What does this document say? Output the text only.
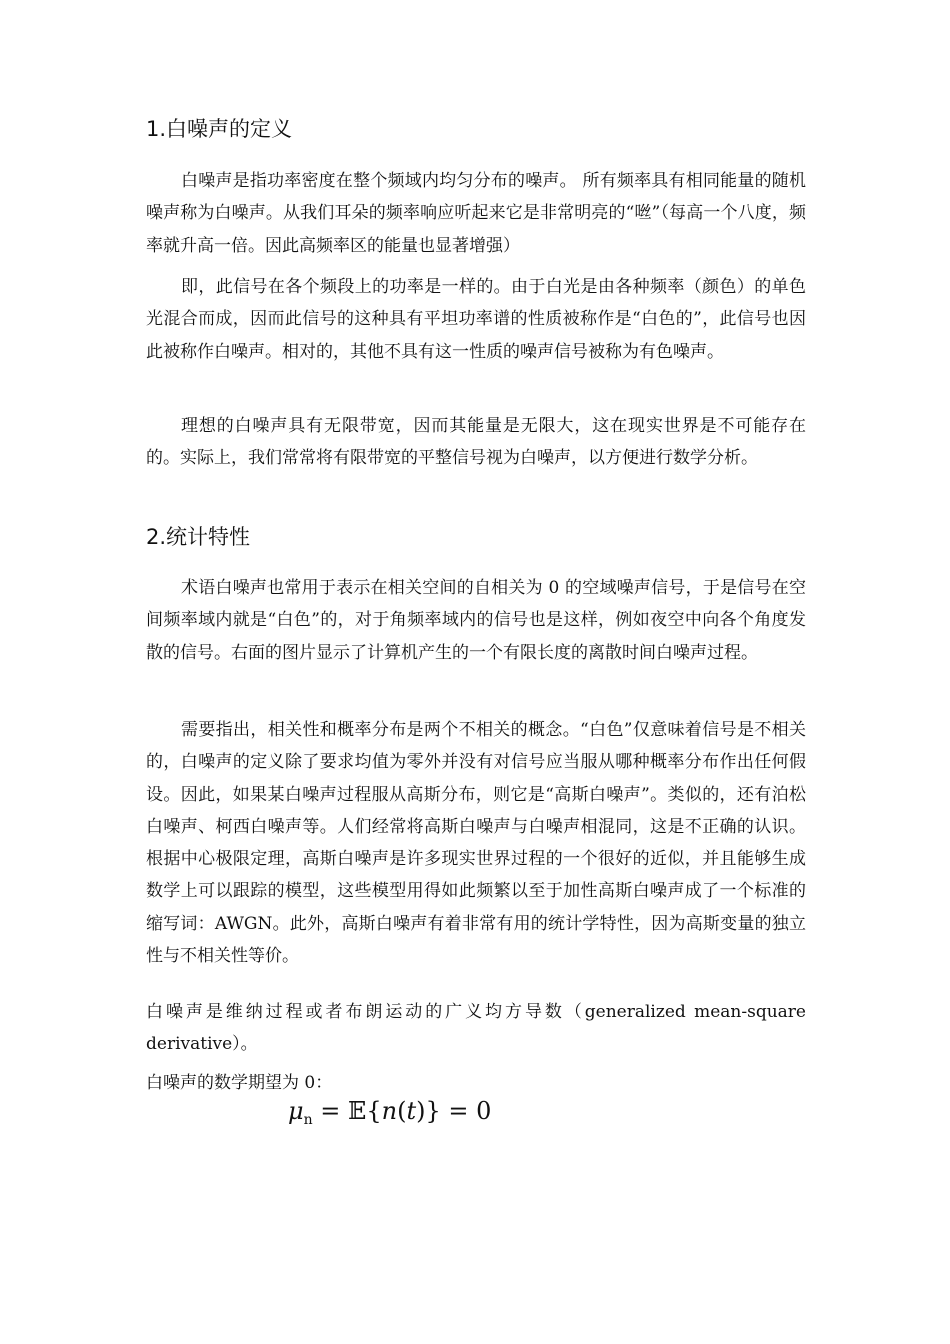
1.白噪声的定义

白噪声是指功率密度在整个频域内均匀分布的噪声。 所有频率具有相同能量的随机噪声称为白噪声。从我们耳朵的频率响应听起来它是非常明亮的“咝”（每高一个八度，频率就升高一倍。因此高频率区的能量也显著增强）

即，此信号在各个频段上的功率是一样的。由于白光是由各种频率（颜色）的单色光混合而成，因而此信号的这种具有平坦功率谱的性质被称作是“白色的”，此信号也因此被称作白噪声。相对的，其他不具有这一性质的噪声信号被称为有色噪声。

理想的白噪声具有无限带宽，因而其能量是无限大，这在现实世界是不可能存在的。实际上，我们常常将有限带宽的平整信号视为白噪声，以方便进行数学分析。

2.统计特性

术语白噪声也常用于表示在相关空间的自相关为 0 的空域噪声信号，于是信号在空间频率域内就是“白色”的，对于角频率域内的信号也是这样，例如夜空中向各个角度发散的信号。右面的图片显示了计算机产生的一个有限长度的离散时间白噪声过程。

需要指出，相关性和概率分布是两个不相关的概念。“白色”仅意味着信号是不相关的，白噪声的定义除了要求均值为零外并没有对信号应当服从哪种概率分布作出任何假设。因此，如果某白噪声过程服从高斯分布，则它是“高斯白噪声”。类似的，还有泊松白噪声、柯西白噪声等。人们经常将高斯白噪声与白噪声相混同，这是不正确的认识。根据中心极限定理，高斯白噪声是许多现实世界过程的一个很好的近似，并且能够生成数学上可以跟踪的模型，这些模型用得如此频繁以至于加性高斯白噪声成了一个标准的缩写词：AWGN。此外，高斯白噪声有着非常有用的统计学特性，因为高斯变量的独立性与不相关性等价。

白噪声是维纳过程或者布朗运动的广义均方导数（generalized mean-square derivative）。

白噪声的数学期望为 0：

$\mu_n$ = 𝔼{n(t)} = 0
